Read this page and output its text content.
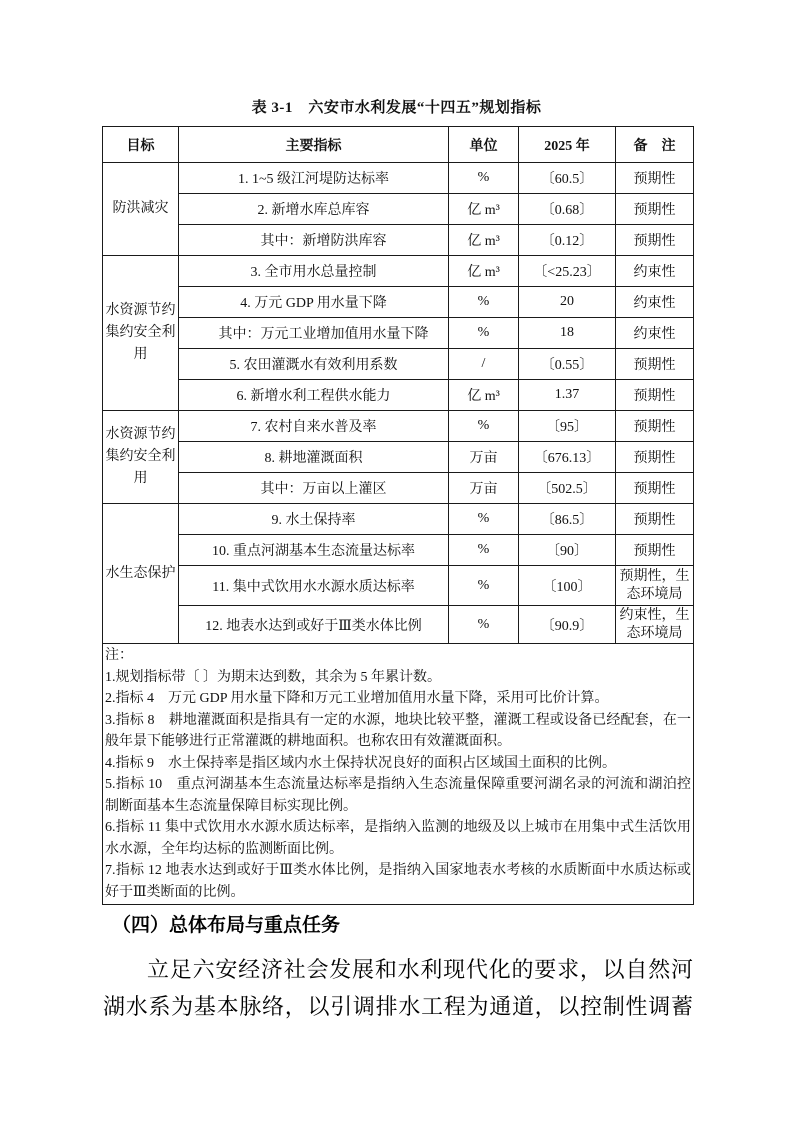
表 3-1　六安市水利发展“十四五”规划指标
目标	主要指标	单位	2025 年	备　注
防洪减灾	1. 1~5 级江河堤防达标率	%	〔60.5〕	预期性
	2. 新增水库总库容	亿 m³	〔0.68〕	预期性
	其中：新增防洪库容	亿 m³	〔0.12〕	预期性
水资源节约集约安全利用	3. 全市用水总量控制	亿 m³	〔<25.23〕	约束性
	4. 万元 GDP 用水量下降	%	20	约束性
	其中：万元工业增加值用水量下降	%	18	约束性
	5. 农田灌溉水有效利用系数	/	〔0.55〕	预期性
	6. 新增水利工程供水能力	亿 m³	1.37	预期性
水资源节约集约安全利用	7. 农村自来水普及率	%	〔95〕	预期性
	8. 耕地灌溉面积	万亩	〔676.13〕	预期性
	其中：万亩以上灌区	万亩	〔502.5〕	预期性
水生态保护	9. 水土保持率	%	〔86.5〕	预期性
	10. 重点河湖基本生态流量达标率	%	〔90〕	预期性
	11. 集中式饮用水水源水质达标率	%	〔100〕	预期性，生态环境局
	12. 地表水达到或好于Ⅲ类水体比例	%	〔90.9〕	约束性，生态环境局

注：
1.规划指标带〔 〕为期末达到数，其余为 5 年累计数。
2.指标 4　万元 GDP 用水量下降和万元工业增加值用水量下降，采用可比价计算。
3.指标 8　耕地灌溉面积是指具有一定的水源，地块比较平整，灌溉工程或设备已经配套，在一般年景下能够进行正常灌溉的耕地面积。也称农田有效灌溉面积。
4.指标 9　水土保持率是指区域内水土保持状况良好的面积占区域国土面积的比例。
5.指标 10　重点河湖基本生态流量达标率是指纳入生态流量保障重要河湖名录的河流和湖泊控制断面基本生态流量保障目标实现比例。
6.指标 11 集中式饮用水水源水质达标率，是指纳入监测的地级及以上城市在用集中式生活饮用水水源，全年均达标的监测断面比例。
7.指标 12 地表水达到或好于Ⅲ类水体比例，是指纳入国家地表水考核的水质断面中水质达标或好于Ⅲ类断面的比例。
（四）总体布局与重点任务
立足六安经济社会发展和水利现代化的要求，以自然河湖水系为基本脉络，以引调排水工程为通道，以控制性调蓄
